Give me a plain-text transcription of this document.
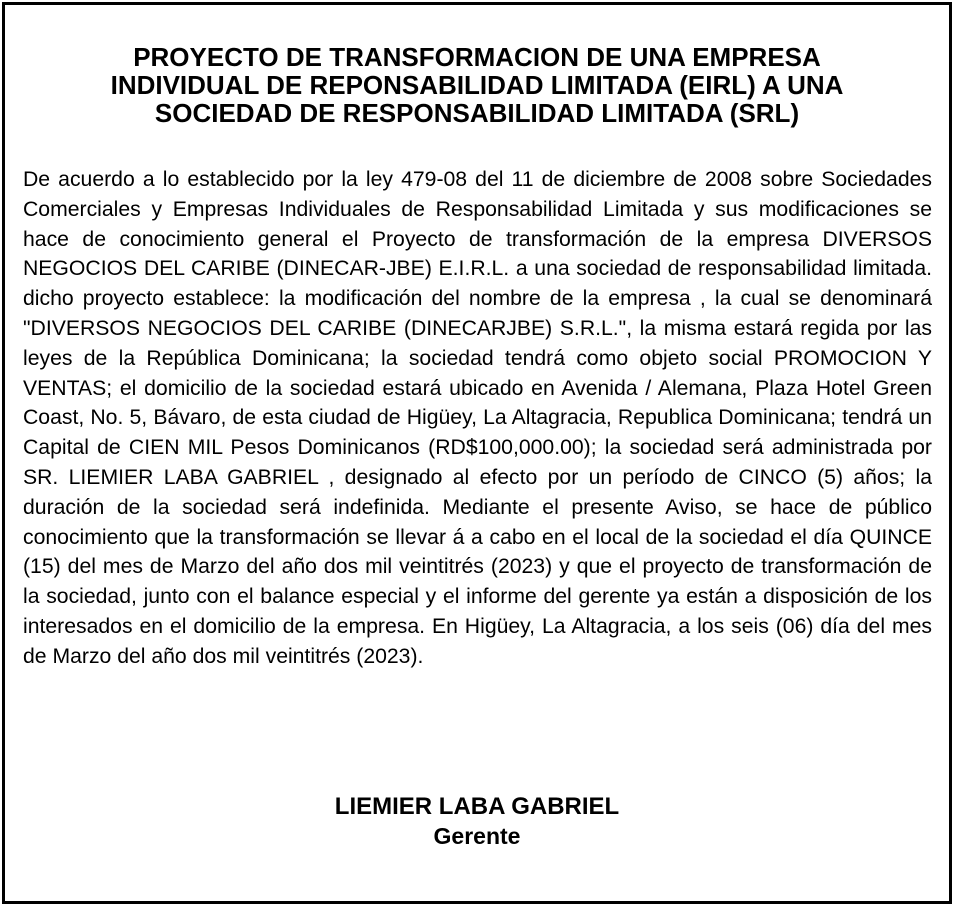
PROYECTO DE TRANSFORMACION DE UNA EMPRESA
INDIVIDUAL DE REPONSABILIDAD LIMITADA (EIRL) A UNA
SOCIEDAD DE RESPONSABILIDAD LIMITADA (SRL)

De acuerdo a lo establecido por la ley 479-08 del 11 de diciembre de 2008 sobre Sociedades Comerciales y Empresas Individuales de Responsabilidad Limitada y sus modificaciones se hace de conocimiento general el Proyecto de transformación de la empresa DIVERSOS NEGOCIOS DEL CARIBE (DINECAR-JBE) E.I.R.L. a una sociedad de responsabilidad limitada. dicho proyecto establece: la modificación del nombre de la empresa , la cual se denominará "DIVERSOS NEGOCIOS DEL CARIBE (DINECARJBE) S.R.L.", la misma estará regida por las leyes de la República Dominicana; la sociedad tendrá como objeto social PROMOCION Y VENTAS; el domicilio de la sociedad estará ubicado en Avenida / Alemana, Plaza Hotel Green Coast, No. 5, Bávaro, de esta ciudad de Higüey, La Altagracia, Republica Dominicana; tendrá un Capital de CIEN MIL Pesos Dominicanos (RD$100,000.00); la sociedad será administrada por SR. LIEMIER LABA GABRIEL , designado al efecto por un período de CINCO (5) años; la duración de la sociedad será indefinida. Mediante el presente Aviso, se hace de público conocimiento que la transformación se llevar á a cabo en el local de la sociedad el día QUINCE (15) del mes de Marzo del año dos mil veintitrés (2023) y que el proyecto de transformación de la sociedad, junto con el balance especial y el informe del gerente ya están a disposición de los interesados en el domicilio de la empresa. En Higüey, La Altagracia, a los seis (06) día del mes de Marzo del año dos mil veintitrés (2023).

LIEMIER LABA GABRIEL
Gerente
